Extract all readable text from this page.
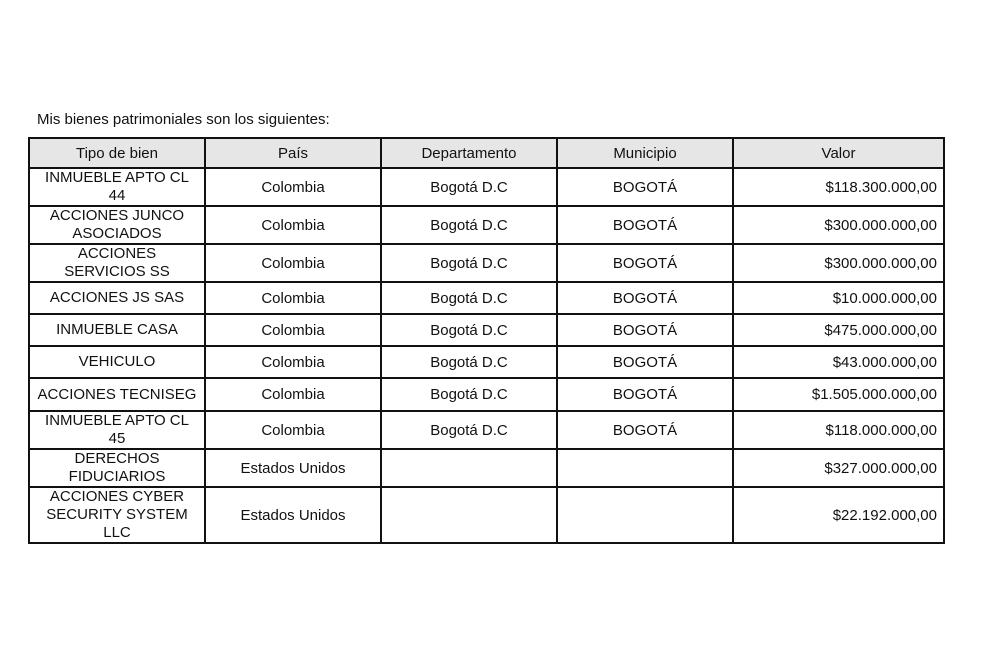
Mis bienes patrimoniales son los siguientes:
Tipo de bien	País	Departamento	Municipio	Valor
INMUEBLE APTO CL 44	Colombia	Bogotá D.C	BOGOTÁ	$118.300.000,00
ACCIONES JUNCO ASOCIADOS	Colombia	Bogotá D.C	BOGOTÁ	$300.000.000,00
ACCIONES SERVICIOS SS	Colombia	Bogotá D.C	BOGOTÁ	$300.000.000,00
ACCIONES JS SAS	Colombia	Bogotá D.C	BOGOTÁ	$10.000.000,00
INMUEBLE CASA	Colombia	Bogotá D.C	BOGOTÁ	$475.000.000,00
VEHICULO	Colombia	Bogotá D.C	BOGOTÁ	$43.000.000,00
ACCIONES TECNISEG	Colombia	Bogotá D.C	BOGOTÁ	$1.505.000.000,00
INMUEBLE APTO CL 45	Colombia	Bogotá D.C	BOGOTÁ	$118.000.000,00
DERECHOS FIDUCIARIOS	Estados Unidos			$327.000.000,00
ACCIONES CYBER SECURITY SYSTEM LLC	Estados Unidos			$22.192.000,00
